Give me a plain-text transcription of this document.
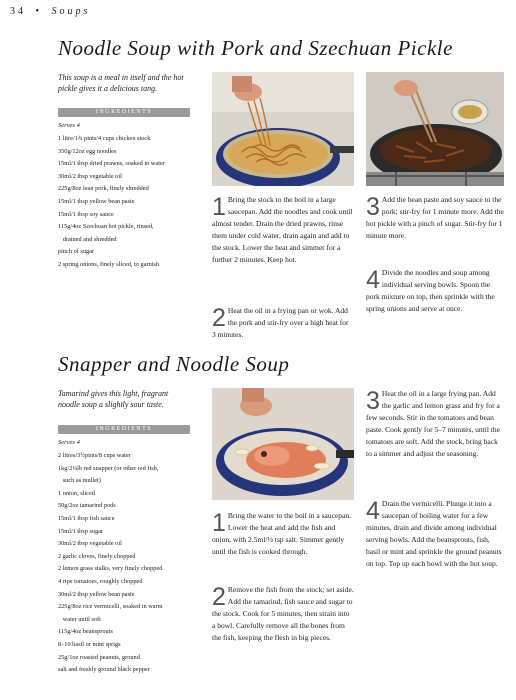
34 • Soups
Noodle Soup with Pork and Szechuan Pickle
This soup is a meal in itself and the hot pickle gives it a delicious tang.
INGREDIENTS
Serves 4
1 litre/1¾ pints/4 cups chicken stock
350g/12oz egg noodles
15ml/1 tbsp dried prawns, soaked in water
30ml/2 tbsp vegetable oil
225g/8oz lean pork, finely shredded
15ml/1 tbsp yellow bean paste
15ml/1 tbsp soy sauce
115g/4oz Szechuan hot pickle, rinsed,
drained and shredded
pinch of sugar
2 spring onions, finely sliced, to garnish
1 Bring the stock to the boil in a large saucepan. Add the noodles and cook until almost tender. Drain the dried prawns, rinse them under cold water, drain again and add to the stock. Lower the heat and simmer for a further 2 minutes. Keep hot.
2 Heat the oil in a frying pan or wok. Add the pork and stir-fry over a high heat for 3 minutes.
3 Add the bean paste and soy sauce to the pork; stir-fry for 1 minute more. Add the hot pickle with a pinch of sugar. Stir-fry for 1 minute more.
4 Divide the noodles and soup among individual serving bowls. Spoon the pork mixture on top, then sprinkle with the spring onions and serve at once.
Snapper and Noodle Soup
Tamarind gives this light, fragrant noodle soup a slightly sour taste.
INGREDIENTS
Serves 4
2 litres/3½pints/8 cups water
1kg/2¼lb red snapper (or other red fish,
such as mullet)
1 onion, sliced
50g/2oz tamarind pods
15ml/1 tbsp fish sauce
15ml/1 tbsp sugar
30ml/2 tbsp vegetable oil
2 garlic cloves, finely chopped
2 lemon grass stalks, very finely chopped
4 ripe tomatoes, roughly chopped
30ml/2 tbsp yellow bean paste
225g/8oz rice vermicelli, soaked in warm
water until soft
115g/4oz beansprouts
8–10 basil or mint sprigs
25g/1oz roasted peanuts, ground
salt and freshly ground black pepper
1 Bring the water to the boil in a saucepan. Lower the heat and add the fish and onion, with 2.5ml/½ tsp salt. Simmer gently until the fish is cooked through.
2 Remove the fish from the stock; set aside. Add the tamarind, fish sauce and sugar to the stock. Cook for 5 minutes, then strain into a bowl. Carefully remove all the bones from the fish, keeping the flesh in big pieces.
3 Heat the oil in a large frying pan. Add the garlic and lemon grass and fry for a few seconds. Stir in the tomatoes and bean paste. Cook gently for 5–7 minutes, until the tomatoes are soft. Add the stock, bring back to a simmer and adjust the seasoning.
4 Drain the vermicelli. Plunge it into a saucepan of boiling water for a few minutes, drain and divide among individual serving bowls. Add the beansprouts, fish, basil or mint and sprinkle the ground peanuts on top. Top up each bowl with the hot soup.
